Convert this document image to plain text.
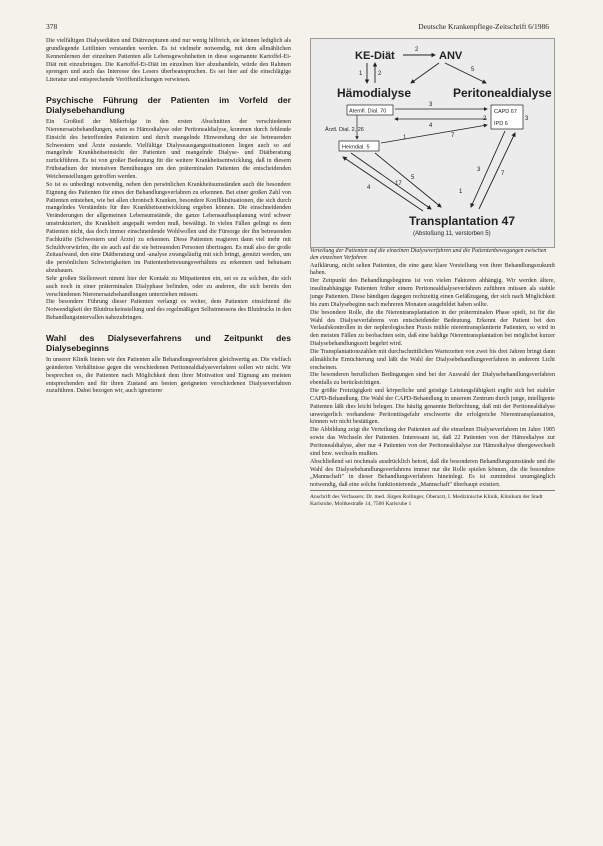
378	Deutsche Krankenpflege-Zeitschrift 6/1986

Die vielfältigen Dialysediäten und Diätrezepturen sind nur wenig hilfreich, sie können lediglich als grundlegende Leitlinien verstanden werden. Es ist vielmehr notwendig, mit dem allmählichen Kennenlernen der einzelnen Patienten alle Lebensgewohnheiten in diese sogenannte Kartoffel-Ei-Diät mit einzubringen. Die Kartoffel-Ei-Diät im einzelnen hier abzuhandeln, würde den Rahmen sprengen und auch das Interesse des Lesers überbeanspruchen. Es sei hier auf die einschlägige Literatur und entsprechende Veröffentlichungen verwiesen.

Psychische Führung der Patienten im Vorfeld der Dialysebehandlung

Ein Großteil der Mißerfolge in den ersten Abschnitten der verschiedenen Nierenersatzbehandlungen, seien es Hämodialyse oder Peritonealdialyse, kommen durch fehlende Einsicht des betreffenden Patienten und durch mangelnde Hinwendung der sie betreuenden Schwestern und Ärzte zustande. Vielfältige Dialyseausgangssituationen liegen auch so auf mangelnde Krankheitseinsicht der Patienten und mangelnde Dialyse- und Diätberatung zurückführen. Es ist von großer Bedeutung für die weitere Krankheitsentwicklung, daß in diesem Frühstadium der intensiven Bemühungen um den präterminalen Patienten die entscheidenden Weichenstellungen getroffen werden.

So ist es unbedingt notwendig, neben den persönlichen Krankheitsumständen auch die besondere Eignung des Patienten für eines der Behandlungsverfahren zu erkennen. Bei einer großen Zahl von Patienten entstehen, wie bei allen chronisch Kranken, besondere Konfliktsituationen, die sich durch mangelndes Verständnis für ihre Krankheitsentwicklung ergeben können. Die einschneidenden Veränderungen der allgemeinen Lebensumstände, die ganze Lebensaufbauplanung wird schwer umstrukturiert, die Krankheit angepaßt werden muß, bewältigt. In vielen Fällen gelingt es dem Patienten nicht, das doch immer einschneidende Wohlwollen und die Fürsorge der ihn betreuenden Fachkräfte (Schwestern und Ärzte) zu erkennen. Diese Patienten reagieren dann viel mehr mit Schuldvorwürfen, die sie auch auf die sie betreuenden Personen übertragen. Es muß also der große Zeitaufwand, den eine Diätberatung und -analyse zwangsläufig mit sich bringt, genutzt werden, um die persönlichen Schwierigkeiten im Patientenbetreuungsverhältnis zu erkennen und behutsam abzubauen.

Sehr großen Stellenwert nimmt hier der Kontakt zu Mitpatienten ein, sei es zu solchen, die sich auch noch in einer präterminalen Dialyphase befinden, oder zu anderen, die sich bereits den verschiedenen Nierenersatzbehandlungen unterziehen müssen.

Die besondere Führung dieser Patienten verlangt es weiter, dem Patienten einsichtend die Notwendigkeit der Blutdruckeinstellung und des regelmäßigen Selbstmessens des Blutdrucks in den Behandlungsintervallen nahezubringen.

Wahl des Dialyseverfahrens und Zeitpunkt des Dialysebeginns

In unserer Klinik bieten wir den Patienten alle Behandlungsverfahren gleichwertig an. Die vielfach geänderten Verhältnisse gegen die verschiedenen Peritonealdialyseverfahren sollen wir nicht. Wir besprechen es, die Patienten nach Möglichkeit dem ihrer Motivation und Eignung am meisten entsprechenden und für ihren Zustand am besten geeigneten verschiedenen Dialyseverfahren zuzuführen. Dabei bezogen wir, auch ignorierer

KE-Diät	ANV
2
1	2
5
Hämodialyse	Peritonealdialyse
Atemfl. Dial. 70
Ärztl. Dial. 2, 26
Heimdial. 5
CAPD 67
IPD 6
2	3
3
4
1	7
4
17
5
3
7
1
Transplantation 47
(Abstoßung 11, verstorben 5)

Verteilung der Patienten auf die einzelnen Dialyseverfahren und die Patientenbewegungen zwischen den einzelnen Verfahren

Aufklärung, nicht selten Patienten, die eine ganz klare Vorstellung von ihrer Behandlungszukunft haben.

Der Zeitpunkt des Behandlungsbeginns ist von vielen Faktoren abhängig. Wir werden ältere, insulinabhängige Patienten früher einem Peritonealdialyseverfahren zuführen müssen als stabile junge Patienten. Diese bändigen dagegen rechtzeitig einen Gefäßzugang, der sich nach Möglichkeit bis zum Dialysebeginn nach mehreren Monaten ausgebildet haben sollte.

Die besondere Rolle, die die Nierentransplantation in der präterminalen Phase spielt, ist für die Wahl des Dialyseverfahrens von entscheidender Bedeutung. Erkennt der Patient bei den Verlaufskontrollen in der nephrologischen Praxis mühle nierentransplantierte Patienten, so wird in den meisten Fällen zu beobachten sein, daß eine baldige Nierentransplantation bei möglichst kurzer Dialysebehandlungszeit begehrt wird.

Die Transplantationszahlen mit durchschnittlichen Wartezeiten von zwei bis drei Jahren bringt dann allmähliche Ernüchterung und läßt die Wahl der Dialysebehandlungsverfahren in anderem Licht erscheinen.

Die besonderen beruflichen Bedingungen sind bei der Auswahl der Dialysebehandlungsverfahren ebenfalls zu berücksichtigen.

Die größte Freizügigkeit und körperliche und geistige Leistungsfähigkeit ergibt sich bei stabiler CAPD-Behandlung. Die Wahl der CAPD-Behandlung in unserem Zentrum durch junge, intelligente Patienten läßt dies leicht belegen. Die häufig genannte Befürchtung, daß mit der Peritonealdialyse unweigerlich vorhandene Peritonitisgefahr erschwerte die erfolgreiche Nierentransplantation, können wir nicht bestätigen.

Die Abbildung zeigt die Verteilung der Patienten auf die einzelnen Dialyseverfahren im Jahre 1985 sowie das Wechseln der Patienten. Interessant ist, daß 22 Patienten von der Hämodialyse zur Peritonealdialyse, aber nur 4 Patienten von der Peritonealdialyse zur Hämodialyse übergewechselt sind bzw. wechseln mußten.

Abschließend sei nochmals ausdrücklich betont, daß die besonderen Behandlungsumstände und die Wahl des Dialysebehandlungsverfahrens immer nur die Rolle spielen können, die die besondere „Mannschaft" in dieser Behandlungsverfahren hineinlegt. Es ist zumindest unumgänglich notwendig, daß eine solche funktionierende „Mannschaft" überhaupt existiert.

Anschrift des Verfassers: Dr. med. Jürgen Rollinger, Oberarzt, I. Medizinische Klinik, Klinikum der Stadt Karlsruhe, Moltkestraße 14, 7500 Karlsruhe 1
